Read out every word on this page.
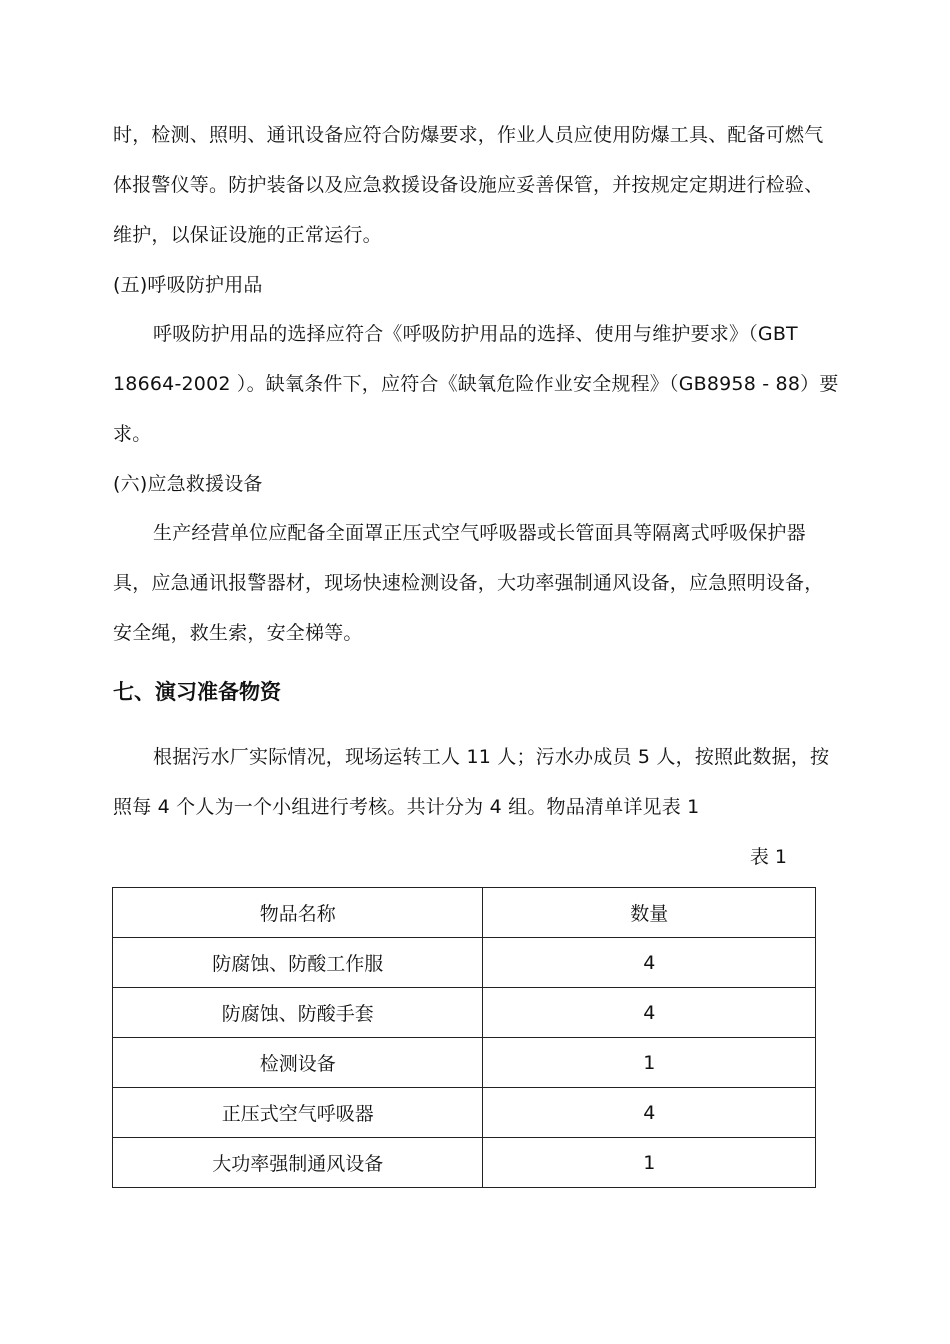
时，检测、照明、通讯设备应符合防爆要求，作业人员应使用防爆工具、配备可燃气
体报警仪等。防护装备以及应急救援设备设施应妥善保管，并按规定定期进行检验、
维护，以保证设施的正常运行。
(五)呼吸防护用品
呼吸防护用品的选择应符合《呼吸防护用品的选择、使用与维护要求》（GBT
18664-2002 ）。缺氧条件下，应符合《缺氧危险作业安全规程》（GB8958 - 88）要
求。
(六)应急救援设备
生产经营单位应配备全面罩正压式空气呼吸器或长管面具等隔离式呼吸保护器
具，应急通讯报警器材，现场快速检测设备，大功率强制通风设备，应急照明设备，
安全绳，救生索，安全梯等。
七、演习准备物资
根据污水厂实际情况，现场运转工人 11 人；污水办成员 5 人，按照此数据，按
照每 4 个人为一个小组进行考核。共计分为 4 组。物品清单详见表 1
表 1
物品名称	数量
防腐蚀、防酸工作服	4
防腐蚀、防酸手套	4
检测设备	1
正压式空气呼吸器	4
大功率强制通风设备	1
